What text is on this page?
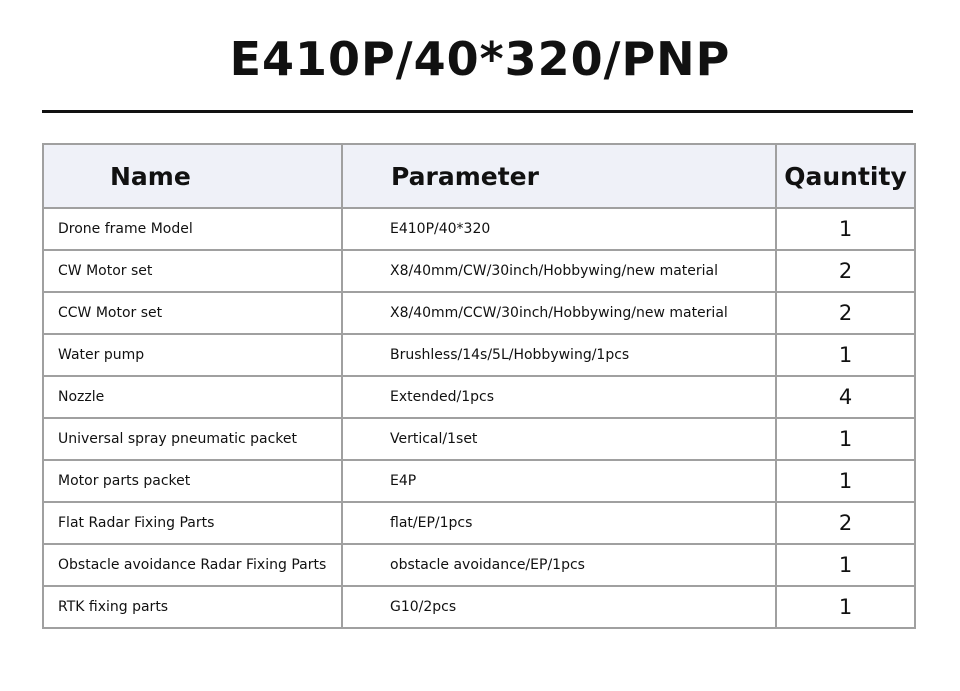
E410P/40*320/PNP
Name	Parameter	Qauntity
Drone frame Model	E410P/40*320	1
CW Motor set	X8/40mm/CW/30inch/Hobbywing/new material	2
CCW Motor set	X8/40mm/CCW/30inch/Hobbywing/new material	2
Water pump	Brushless/14s/5L/Hobbywing/1pcs	1
Nozzle	Extended/1pcs	4
Universal spray pneumatic packet	Vertical/1set	1
Motor parts packet	E4P	1
Flat Radar Fixing Parts	flat/EP/1pcs	2
Obstacle avoidance Radar Fixing Parts	obstacle avoidance/EP/1pcs	1
RTK fixing parts	G10/2pcs	1
